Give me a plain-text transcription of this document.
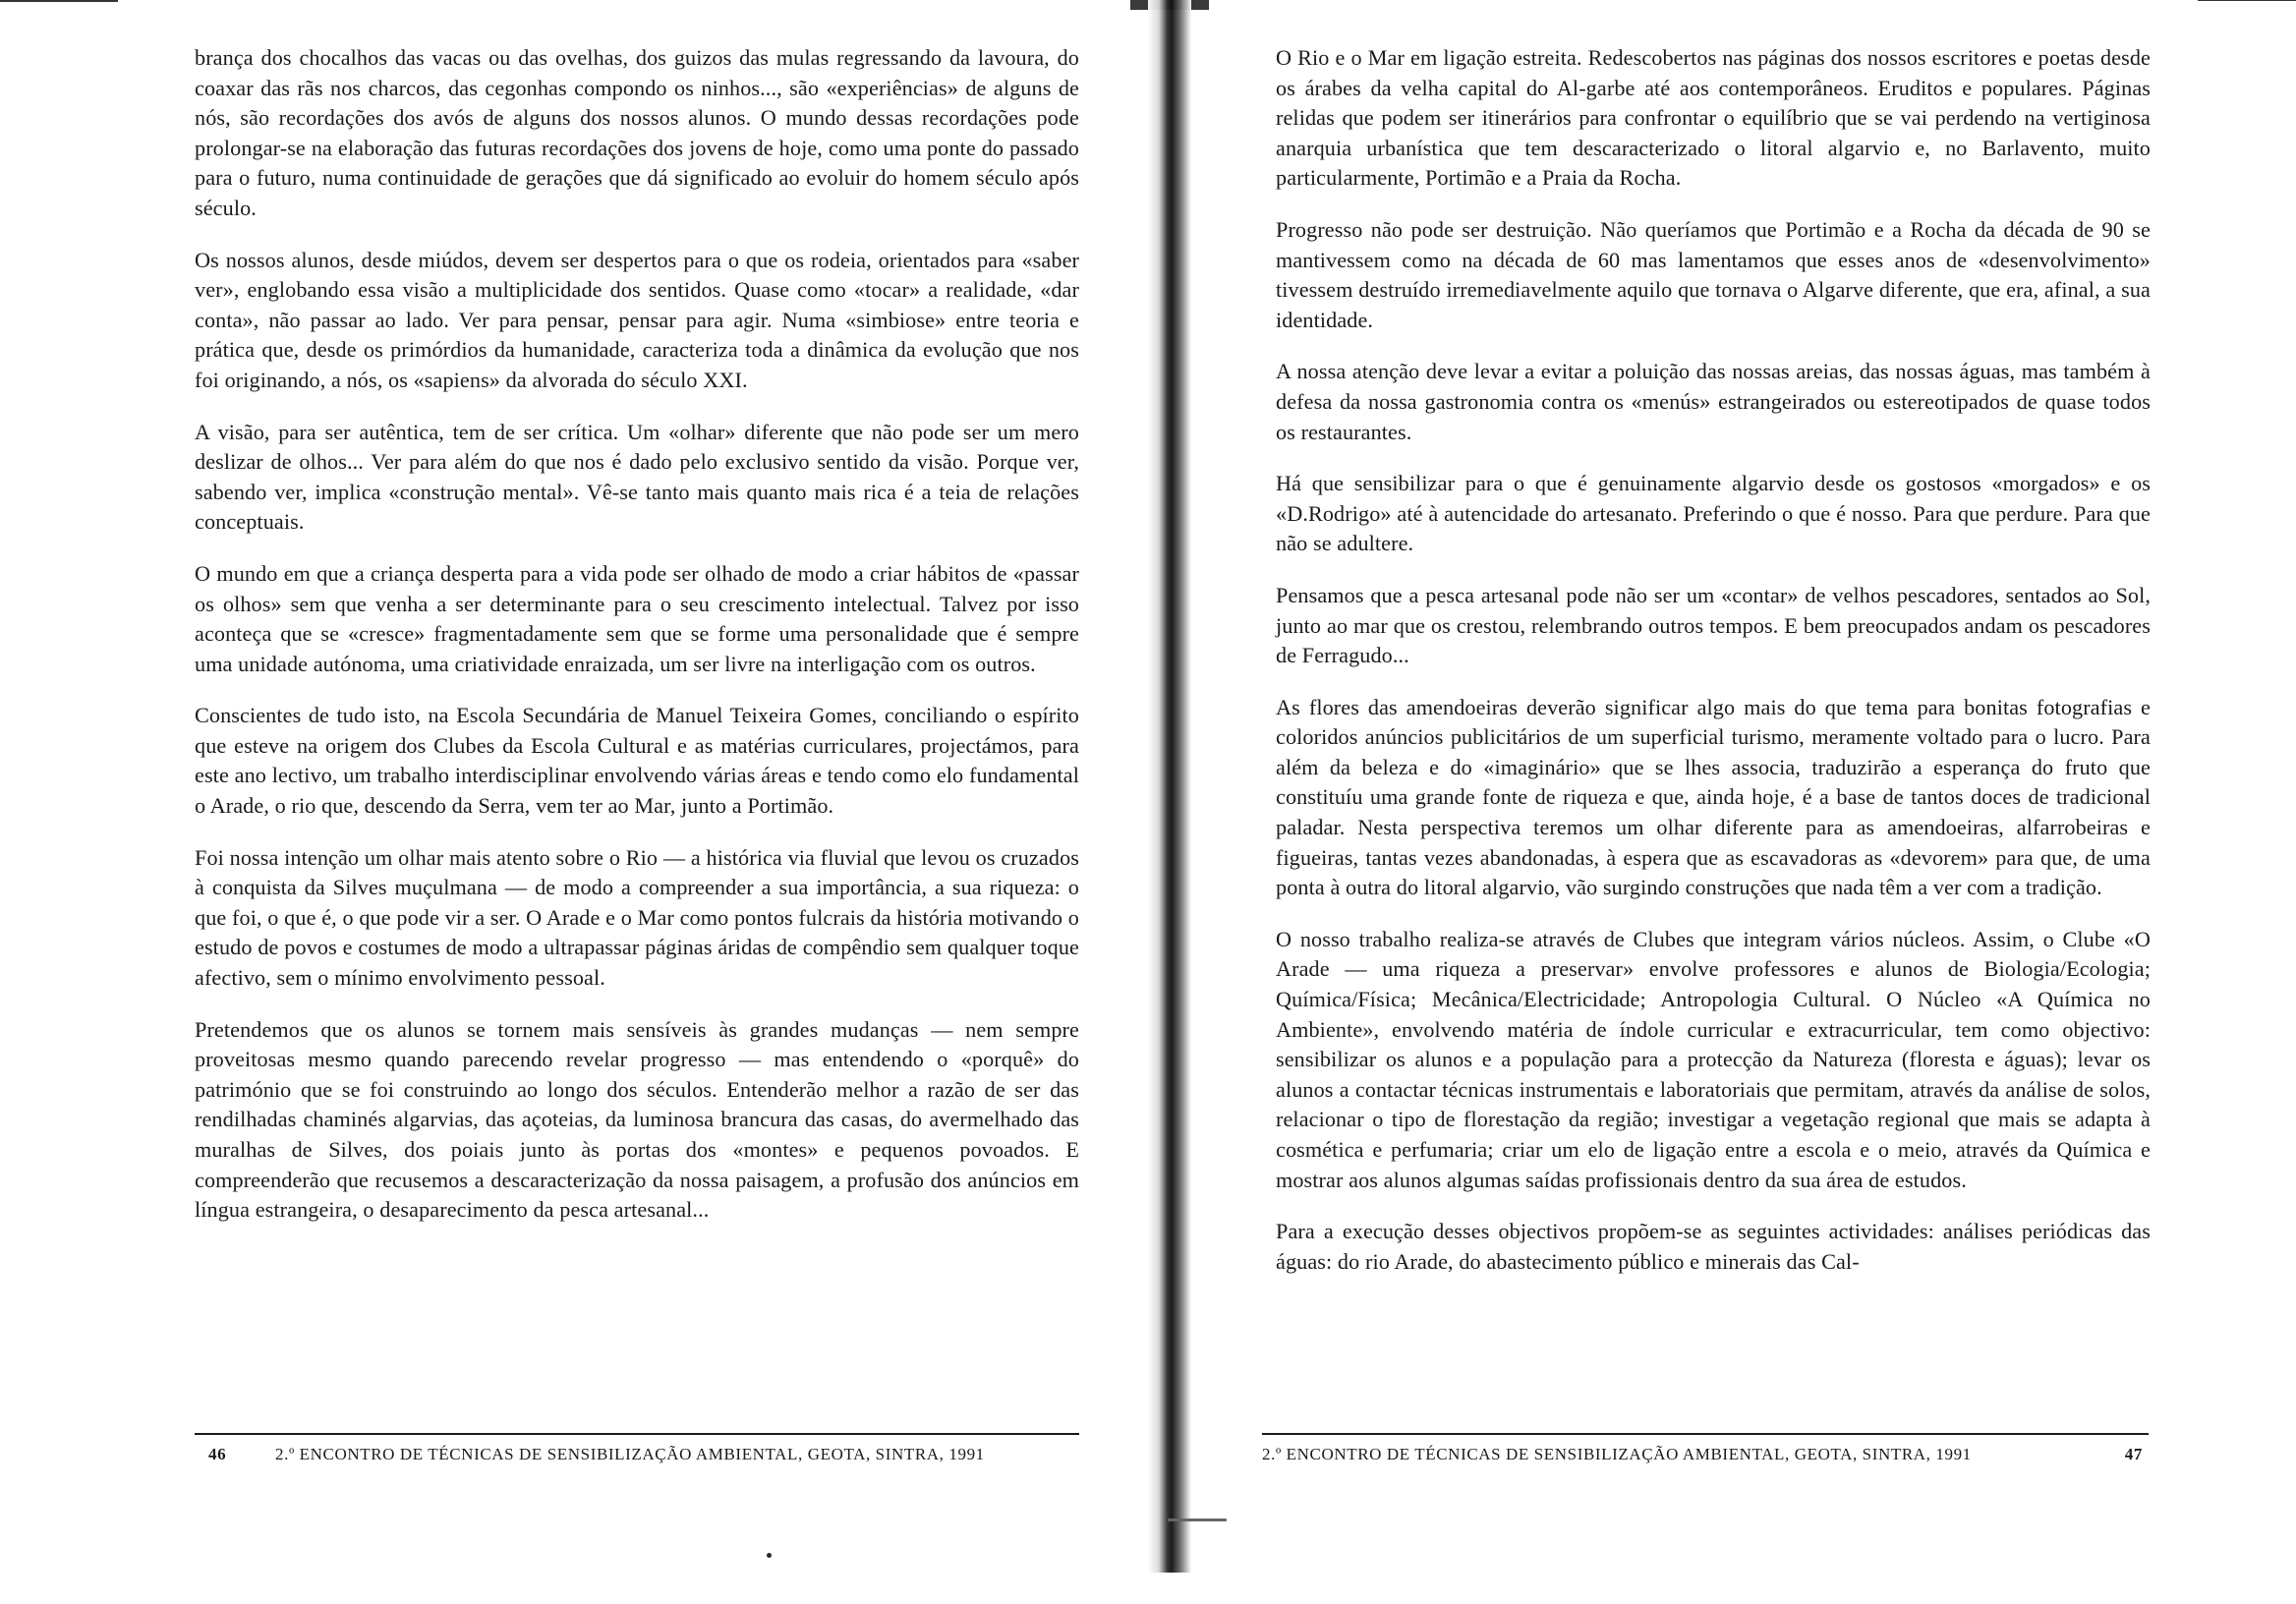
brança dos chocalhos das vacas ou das ovelhas, dos guizos das mulas regressando da lavoura, do coaxar das rãs nos charcos, das cegonhas compondo os ninhos..., são «experiências» de alguns de nós, são recordações dos avós de alguns dos nossos alunos. O mundo dessas recordações pode prolongar-se na elaboração das futuras recordações dos jovens de hoje, como uma ponte do passado para o futuro, numa continuidade de gerações que dá significado ao evoluir do homem século após século.

Os nossos alunos, desde miúdos, devem ser despertos para o que os rodeia, orientados para «saber ver», englobando essa visão a multiplicidade dos sentidos. Quase como «tocar» a realidade, «dar conta», não passar ao lado. Ver para pensar, pensar para agir. Numa «simbiose» entre teoria e prática que, desde os primórdios da humanidade, caracteriza toda a dinâmica da evolução que nos foi originando, a nós, os «sapiens» da alvorada do século XXI.

A visão, para ser autêntica, tem de ser crítica. Um «olhar» diferente que não pode ser um mero deslizar de olhos... Ver para além do que nos é dado pelo exclusivo sentido da visão. Porque ver, sabendo ver, implica «construção mental». Vê-se tanto mais quanto mais rica é a teia de relações conceptuais.

O mundo em que a criança desperta para a vida pode ser olhado de modo a criar hábitos de «passar os olhos» sem que venha a ser determinante para o seu crescimento intelectual. Talvez por isso aconteça que se «cresce» fragmentadamente sem que se forme uma personalidade que é sempre uma unidade autónoma, uma criatividade enraizada, um ser livre na interligação com os outros.

Conscientes de tudo isto, na Escola Secundária de Manuel Teixeira Gomes, conciliando o espírito que esteve na origem dos Clubes da Escola Cultural e as matérias curriculares, projectámos, para este ano lectivo, um trabalho interdisciplinar envolvendo várias áreas e tendo como elo fundamental o Arade, o rio que, descendo da Serra, vem ter ao Mar, junto a Portimão.

Foi nossa intenção um olhar mais atento sobre o Rio — a histórica via fluvial que levou os cruzados à conquista da Silves muçulmana — de modo a compreender a sua importância, a sua riqueza: o que foi, o que é, o que pode vir a ser. O Arade e o Mar como pontos fulcrais da história motivando o estudo de povos e costumes de modo a ultrapassar páginas áridas de compêndio sem qualquer toque afectivo, sem o mínimo envolvimento pessoal.

Pretendemos que os alunos se tornem mais sensíveis às grandes mudanças — nem sempre proveitosas mesmo quando parecendo revelar progresso — mas entendendo o «porquê» do património que se foi construindo ao longo dos séculos. Entenderão melhor a razão de ser das rendilhadas chaminés algarvias, das açoteias, da luminosa brancura das casas, do avermelhado das muralhas de Silves, dos poiais junto às portas dos «montes» e pequenos povoados. E compreenderão que recusemos a descaracterização da nossa paisagem, a profusão dos anúncios em língua estrangeira, o desaparecimento da pesca artesanal...

46	2.º ENCONTRO DE TÉCNICAS DE SENSIBILIZAÇÃO AMBIENTAL, GEOTA, SINTRA, 1991

O Rio e o Mar em ligação estreita. Redescobertos nas páginas dos nossos escritores e poetas desde os árabes da velha capital do Al-garbe até aos contemporâneos. Eruditos e populares. Páginas relidas que podem ser itinerários para confrontar o equilíbrio que se vai perdendo na vertiginosa anarquia urbanística que tem descaracterizado o litoral algarvio e, no Barlavento, muito particularmente, Portimão e a Praia da Rocha.

Progresso não pode ser destruição. Não queríamos que Portimão e a Rocha da década de 90 se mantivessem como na década de 60 mas lamentamos que esses anos de «desenvolvimento» tivessem destruído irremediavelmente aquilo que tornava o Algarve diferente, que era, afinal, a sua identidade.

A nossa atenção deve levar a evitar a poluição das nossas areias, das nossas águas, mas também à defesa da nossa gastronomia contra os «menús» estrangeirados ou estereotipados de quase todos os restaurantes.

Há que sensibilizar para o que é genuinamente algarvio desde os gostosos «morgados» e os «D.Rodrigo» até à autencidade do artesanato. Preferindo o que é nosso. Para que perdure. Para que não se adultere.

Pensamos que a pesca artesanal pode não ser um «contar» de velhos pescadores, sentados ao Sol, junto ao mar que os crestou, relembrando outros tempos. E bem preocupados andam os pescadores de Ferragudo...

As flores das amendoeiras deverão significar algo mais do que tema para bonitas fotografias e coloridos anúncios publicitários de um superficial turismo, meramente voltado para o lucro. Para além da beleza e do «imaginário» que se lhes associa, traduzirão a esperança do fruto que constituíu uma grande fonte de riqueza e que, ainda hoje, é a base de tantos doces de tradicional paladar. Nesta perspectiva teremos um olhar diferente para as amendoeiras, alfarrobeiras e figueiras, tantas vezes abandonadas, à espera que as escavadoras as «devorem» para que, de uma ponta à outra do litoral algarvio, vão surgindo construções que nada têm a ver com a tradição.

O nosso trabalho realiza-se através de Clubes que integram vários núcleos. Assim, o Clube «O Arade — uma riqueza a preservar» envolve professores e alunos de Biologia/Ecologia; Química/Física; Mecânica/Electricidade; Antropologia Cultural. O Núcleo «A Química no Ambiente», envolvendo matéria de índole curricular e extracurricular, tem como objectivo: sensibilizar os alunos e a população para a protecção da Natureza (floresta e águas); levar os alunos a contactar técnicas instrumentais e laboratoriais que permitam, através da análise de solos, relacionar o tipo de florestação da região; investigar a vegetação regional que mais se adapta à cosmética e perfumaria; criar um elo de ligação entre a escola e o meio, através da Química e mostrar aos alunos algumas saídas profissionais dentro da sua área de estudos.

Para a execução desses objectivos propõem-se as seguintes actividades: análises periódicas das águas: do rio Arade, do abastecimento público e minerais das Cal-

2.º ENCONTRO DE TÉCNICAS DE SENSIBILIZAÇÃO AMBIENTAL, GEOTA, SINTRA, 1991	47
